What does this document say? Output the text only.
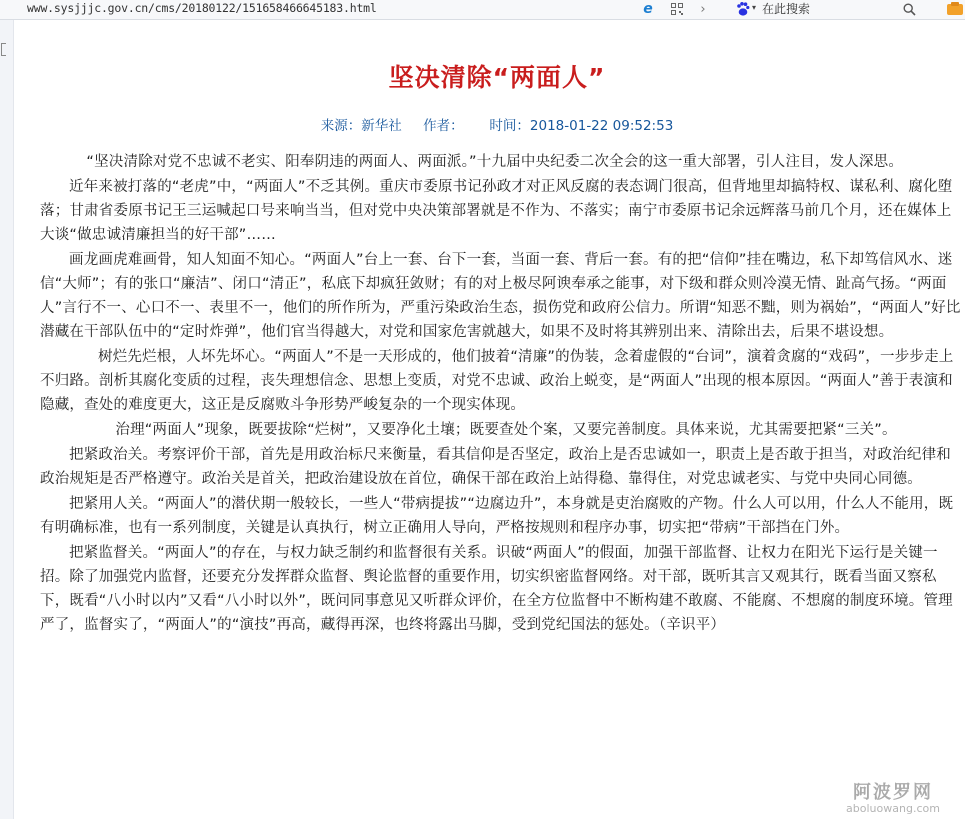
www.sysjjjc.gov.cn/cms/20180122/151658466645183.html	e	›	▾ 在此搜索
坚决清除“两面人”
来源：新华社     作者：      时间：2018-01-22 09:52:53

“坚决清除对党不忠诚不老实、阳奉阴违的两面人、两面派。”十九届中央纪委二次全会的这一重大部署，引人注目，发人深思。

近年来被打落的“老虎”中，“两面人”不乏其例。重庆市委原书记孙政才对正风反腐的表态调门很高，但背地里却搞特权、谋私利、腐化堕落；甘肃省委原书记王三运喊起口号来响当当，但对党中央决策部署就是不作为、不落实；南宁市委原书记余远辉落马前几个月，还在媒体上大谈“做忠诚清廉担当的好干部”……

画龙画虎难画骨，知人知面不知心。“两面人”台上一套、台下一套，当面一套、背后一套。有的把“信仰”挂在嘴边，私下却笃信风水、迷信“大师”；有的张口“廉洁”、闭口“清正”，私底下却疯狂敛财；有的对上极尽阿谀奉承之能事，对下级和群众则冷漠无情、趾高气扬。“两面人”言行不一、心口不一、表里不一，他们的所作所为，严重污染政治生态，损伤党和政府公信力。所谓“知恶不黜，则为祸始”，“两面人”好比潜藏在干部队伍中的“定时炸弹”，他们官当得越大，对党和国家危害就越大，如果不及时将其辨别出来、清除出去，后果不堪设想。

树烂先烂根，人坏先坏心。“两面人”不是一天形成的，他们披着“清廉”的伪装，念着虚假的“台词”，演着贪腐的“戏码”，一步步走上不归路。剖析其腐化变质的过程，丧失理想信念、思想上变质，对党不忠诚、政治上蜕变，是“两面人”出现的根本原因。“两面人”善于表演和隐藏，查处的难度更大，这正是反腐败斗争形势严峻复杂的一个现实体现。

治理“两面人”现象，既要拔除“烂树”，又要净化土壤；既要查处个案，又要完善制度。具体来说，尤其需要把紧“三关”。

把紧政治关。考察评价干部，首先是用政治标尺来衡量，看其信仰是否坚定，政治上是否忠诚如一，职责上是否敢于担当，对政治纪律和政治规矩是否严格遵守。政治关是首关，把政治建设放在首位，确保干部在政治上站得稳、靠得住，对党忠诚老实、与党中央同心同德。

把紧用人关。“两面人”的潜伏期一般较长，一些人“带病提拔”“边腐边升”，本身就是吏治腐败的产物。什么人可以用，什么人不能用，既有明确标准，也有一系列制度，关键是认真执行，树立正确用人导向，严格按规则和程序办事，切实把“带病”干部挡在门外。

把紧监督关。“两面人”的存在，与权力缺乏制约和监督很有关系。识破“两面人”的假面，加强干部监督、让权力在阳光下运行是关键一招。除了加强党内监督，还要充分发挥群众监督、舆论监督的重要作用，切实织密监督网络。对干部，既听其言又观其行，既看当面又察私下，既看“八小时以内”又看“八小时以外”，既问同事意见又听群众评价，在全方位监督中不断构建不敢腐、不能腐、不想腐的制度环境。管理严了，监督实了，“两面人”的“演技”再高，藏得再深，也终将露出马脚，受到党纪国法的惩处。（辛识平）

阿波罗网
aboluowang.com
